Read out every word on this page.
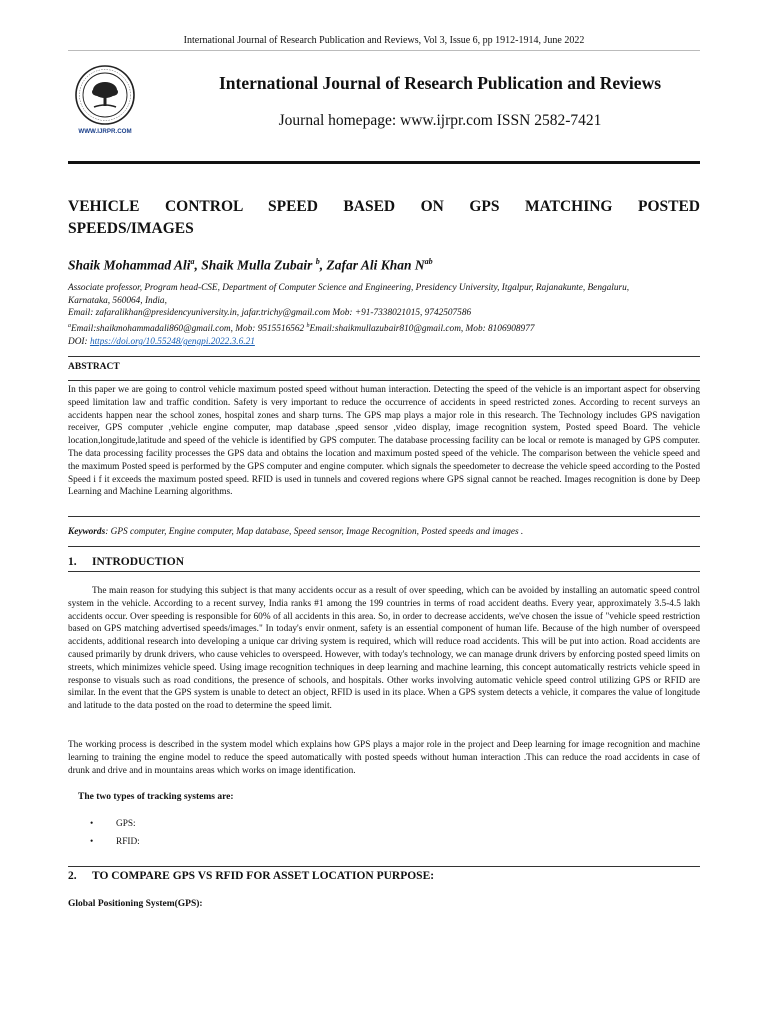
International Journal of Research Publication and Reviews, Vol 3, Issue 6, pp 1912-1914, June 2022
WWW.IJRPR.COM
International Journal of Research Publication and Reviews
Journal homepage: www.ijrpr.com ISSN 2582-7421
VEHICLE CONTROL SPEED BASED ON GPS MATCHING POSTED
SPEEDS/IMAGES
Shaik Mohammad Ali$^a$, Shaik Mulla Zubair $^b$, Zafar Ali Khan $N^{ab}$

Associate professor, Program head-CSE, Department of Computer Science and Engineering, Presidency University, Itgalpur, Rajanakunte, Bengaluru,

Karnataka, 560064, India,

Email: zafaralikhan@presidencyuniversity.in, jafar.trichy@gmail.com Mob: +91-7338021015, 9742507586

$^a$Email:shaikmohammadali860@gmail.com, Mob: 9515516562 $^b$Email:shaikmullazubair810@gmail.com, Mob: 8106908977

DOI: https://doi.org/10.55248/gengpi.2022.3.6.21

ABSTRACT
In this paper we are going to control vehicle maximum posted speed without human interaction. Detecting the speed of the vehicle is an important aspect for observing speed limitation law and traffic condition. Safety is very important to reduce the occurrence of accidents in speed restricted zones. According to recent surveys an accidents happen near the school zones, hospital zones and sharp turns. The GPS map plays a major role in this research. The Technology includes GPS navigation receiver, GPS computer ,vehicle engine computer, map database ,speed sensor ,video display, image recognition system, Posted speed Board. The vehicle location,longitude,latitude and speed of the vehicle is identified by GPS computer. The database processing facility can be local or remote is managed by GPS computer. The data processing facility processes the GPS data and obtains the location and maximum posted speed of the vehicle. The comparison between the vehicle speed and the maximum Posted speed is performed by the GPS computer and engine computer. which signals the speedometer to decrease the vehicle speed according to the Posted Speed i f it exceeds the maximum posted speed. RFID is used in tunnels and covered regions where GPS signal cannot be reached. Images recognition is done by Deep Learning and Machine Learning algorithms.
Keywords: GPS computer, Engine computer, Map database, Speed sensor, Image Recognition, Posted speeds and images .
1. INTRODUCTION
The main reason for studying this subject is that many accidents occur as a result of over speeding, which can be avoided by installing an automatic speed control system in the vehicle. According to a recent survey, India ranks #1 among the 199 countries in terms of road accident deaths. Every year, approximately 3.5-4.5 lakh accidents occur. Over speeding is responsible for 60% of all accidents in this area. So, in order to decrease accidents, we've chosen the issue of "vehicle speed restriction based on GPS matching advertised speeds/images." In today's envir onment, safety is an essential component of human life. Because of the high number of overspeed accidents, additional research into developing a unique car driving system is required, which will reduce road accidents. This will be put into action. Road accidents are caused primarily by drunk drivers, who cause vehicles to overspeed. However, with today's technology, we can manage drunk drivers by enforcing posted speed limits on streets, which minimizes vehicle speed. Using image recognition techniques in deep learning and machine learning, this concept automatically restricts vehicle speed in response to visuals such as road conditions, the presence of schools, and hospitals. Other works involving automatic vehicle speed control utilizing GPS or RFID are similar. In the event that the GPS system is unable to detect an object, RFID is used in its place. When a GPS system detects a vehicle, it compares the value of longitude and latitude to the data posted on the road to determine the speed limit.
The working process is described in the system model which explains how GPS plays a major role in the project and Deep learning for image recognition and machine learning to training the engine model to reduce the speed automatically with posted speeds without human interaction .This can reduce the road accidents in case of drunk and drive and in mountains areas which works on image identification.
The two types of tracking systems are:
• GPS:
• RFID:
2. TO COMPARE GPS VS RFID FOR ASSET LOCATION PURPOSE:
Global Positioning System(GPS):
